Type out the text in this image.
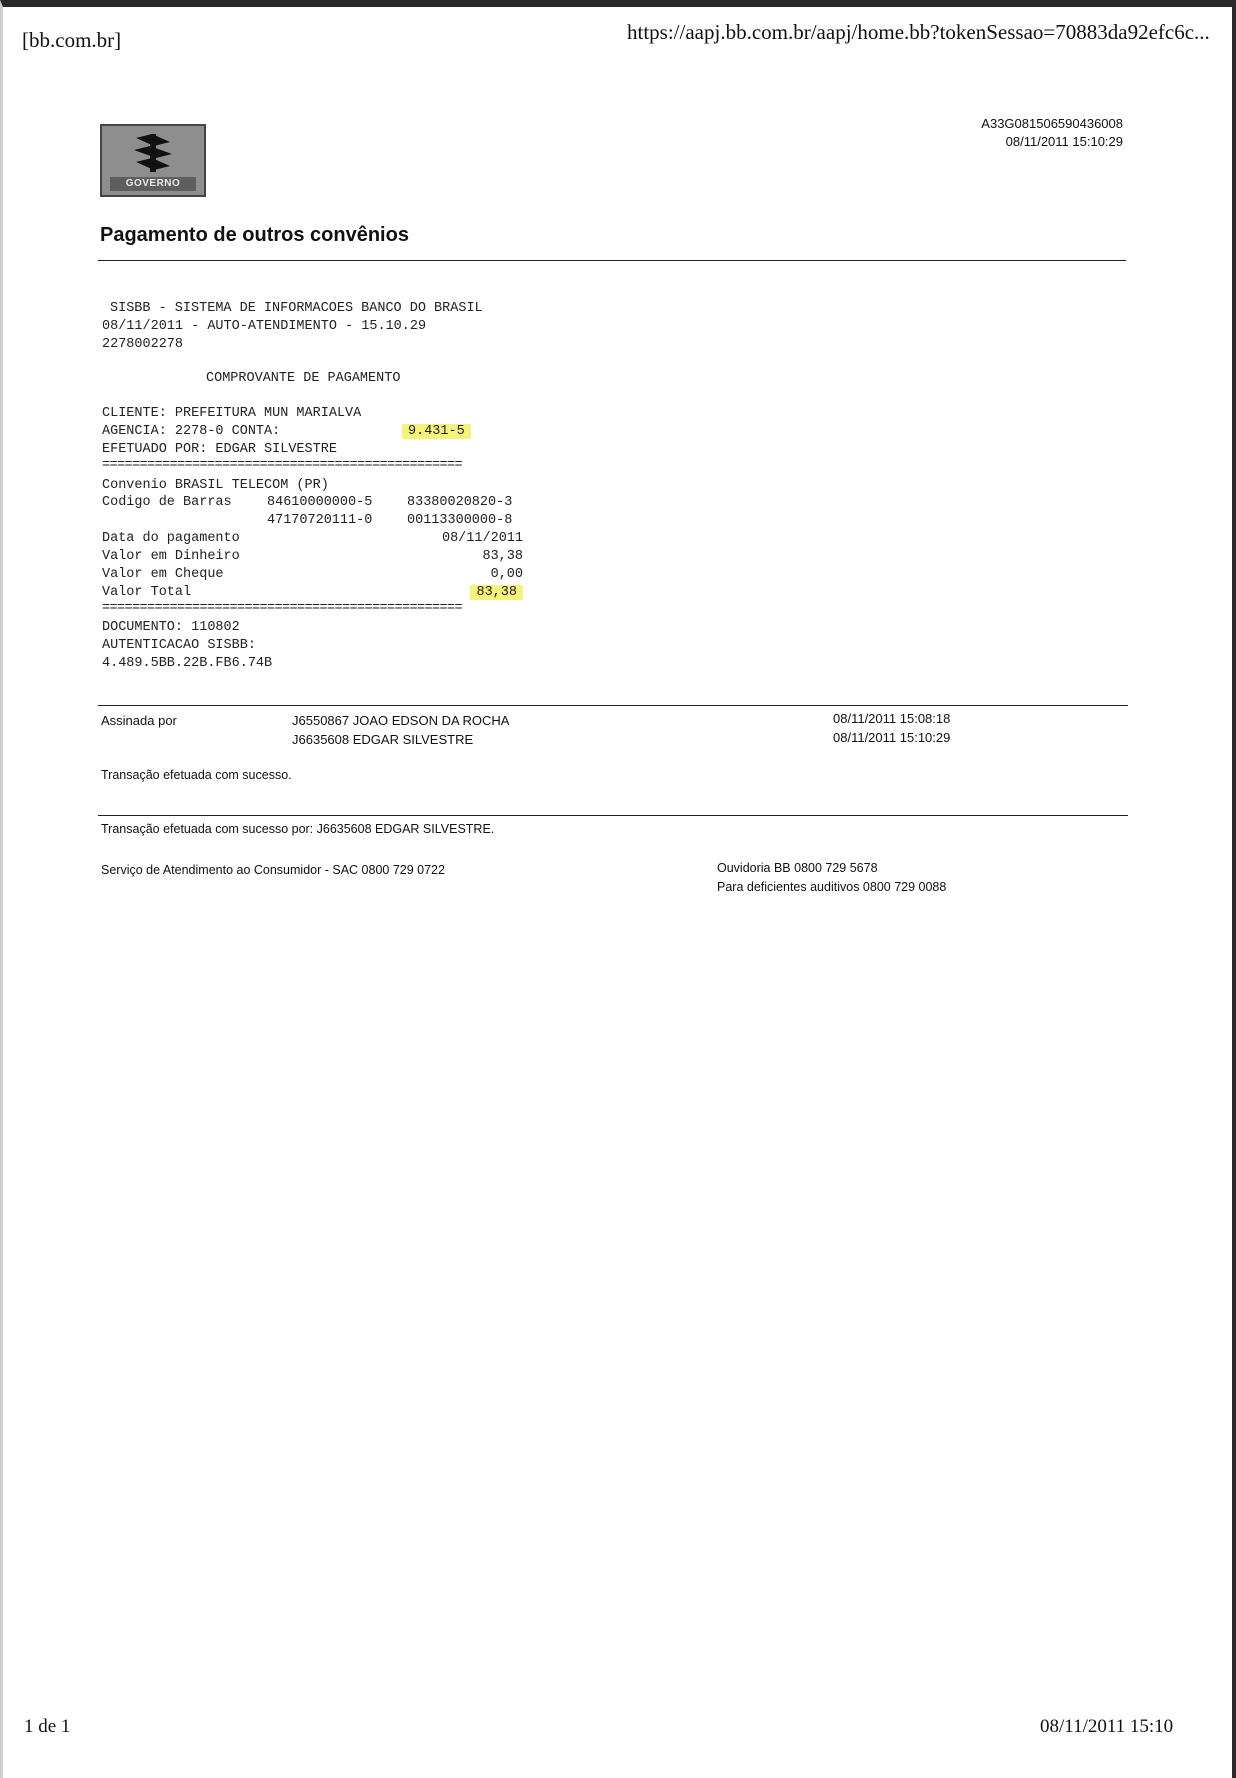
[bb.com.br]	https://aapj.bb.com.br/aapj/home.bb?tokenSessao=70883da92efc6c...
A33G081506590436008
08/11/2011 15:10:29
GOVERNO
Pagamento de outros convênios
SISBB - SISTEMA DE INFORMACOES BANCO DO BRASIL
08/11/2011 - AUTO-ATENDIMENTO - 15.10.29
2278002278
COMPROVANTE DE PAGAMENTO
CLIENTE: PREFEITURA MUN MARIALVA
AGENCIA: 2278-0 CONTA:	9.431-5
EFETUADO POR: EDGAR SILVESTRE
================================================
Convenio BRASIL TELECOM (PR)
Codigo de Barras	84610000000-5	83380020820-3
47170720111-0	00113300000-8
Data do pagamento	08/11/2011
Valor em Dinheiro	83,38
Valor em Cheque	0,00
Valor Total	83,38
================================================
DOCUMENTO: 110802
AUTENTICACAO SISBB:
4.489.5BB.22B.FB6.74B
Assinada por	J6550867 JOAO EDSON DA ROCHA	08/11/2011 15:08:18
J6635608 EDGAR SILVESTRE	08/11/2011 15:10:29
Transação efetuada com sucesso.
Transação efetuada com sucesso por: J6635608 EDGAR SILVESTRE.
Serviço de Atendimento ao Consumidor - SAC 0800 729 0722	Ouvidoria BB 0800 729 5678
Para deficientes auditivos 0800 729 0088
1 de 1	08/11/2011 15:10
